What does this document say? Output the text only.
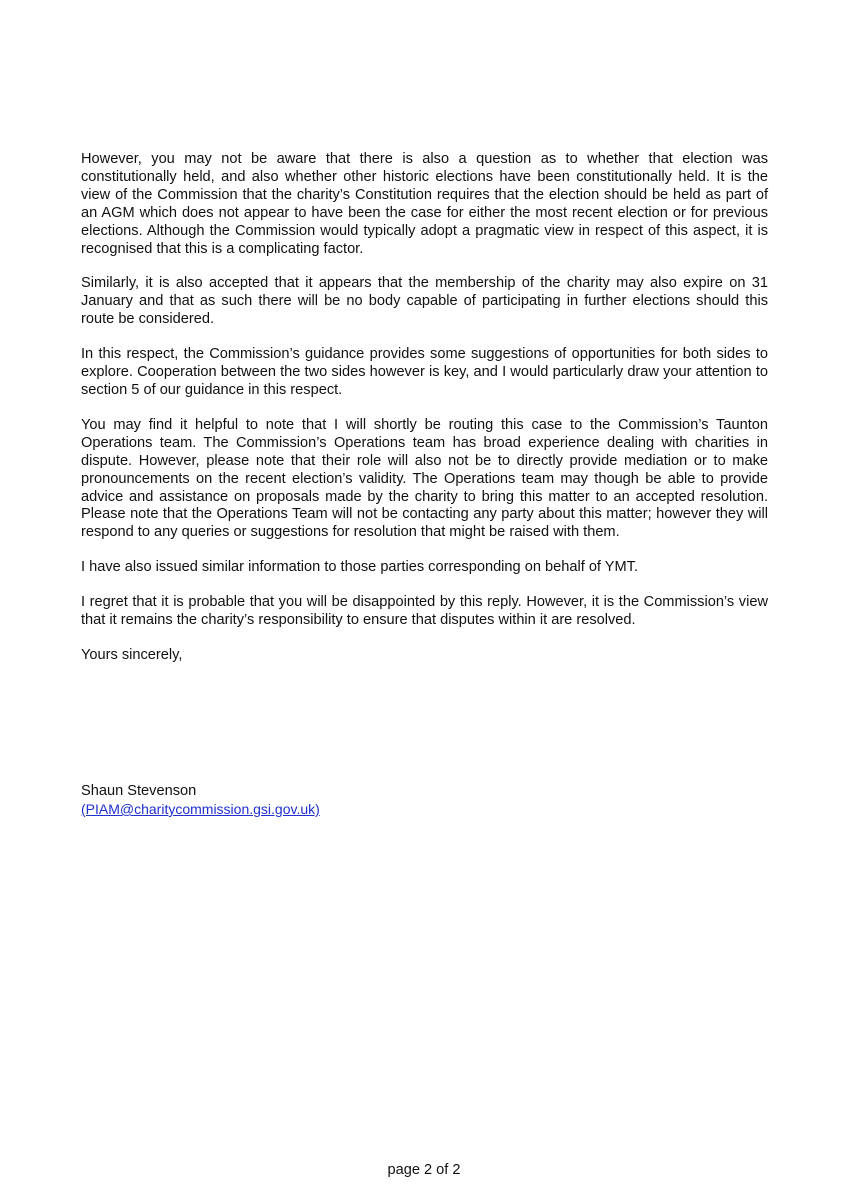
However, you may not be aware that there is also a question as to whether that election was constitutionally held, and also whether other historic elections have been constitutionally held. It is the view of the Commission that the charity’s Constitution requires that the election should be held as part of an AGM which does not appear to have been the case for either the most recent election or for previous elections. Although the Commission would typically adopt a pragmatic view in respect of this aspect, it is recognised that this is a complicating factor.

Similarly, it is also accepted that it appears that the membership of the charity may also expire on 31 January and that as such there will be no body capable of participating in further elections should this route be considered.

In this respect, the Commission’s guidance provides some suggestions of opportunities for both sides to explore. Cooperation between the two sides however is key, and I would particularly draw your attention to section 5 of our guidance in this respect.

You may find it helpful to note that I will shortly be routing this case to the Commission’s Taunton Operations team. The Commission’s Operations team has broad experience dealing with charities in dispute. However, please note that their role will also not be to directly provide mediation or to make pronouncements on the recent election’s validity. The Operations team may though be able to provide advice and assistance on proposals made by the charity to bring this matter to an accepted resolution. Please note that the Operations Team will not be contacting any party about this matter; however they will respond to any queries or suggestions for resolution that might be raised with them.

I have also issued similar information to those parties corresponding on behalf of YMT.

I regret that it is probable that you will be disappointed by this reply. However, it is the Commission’s view that it remains the charity’s responsibility to ensure that disputes within it are resolved.

Yours sincerely,

Shaun Stevenson
(PIAM@charitycommission.gsi.gov.uk)
page 2 of 2
